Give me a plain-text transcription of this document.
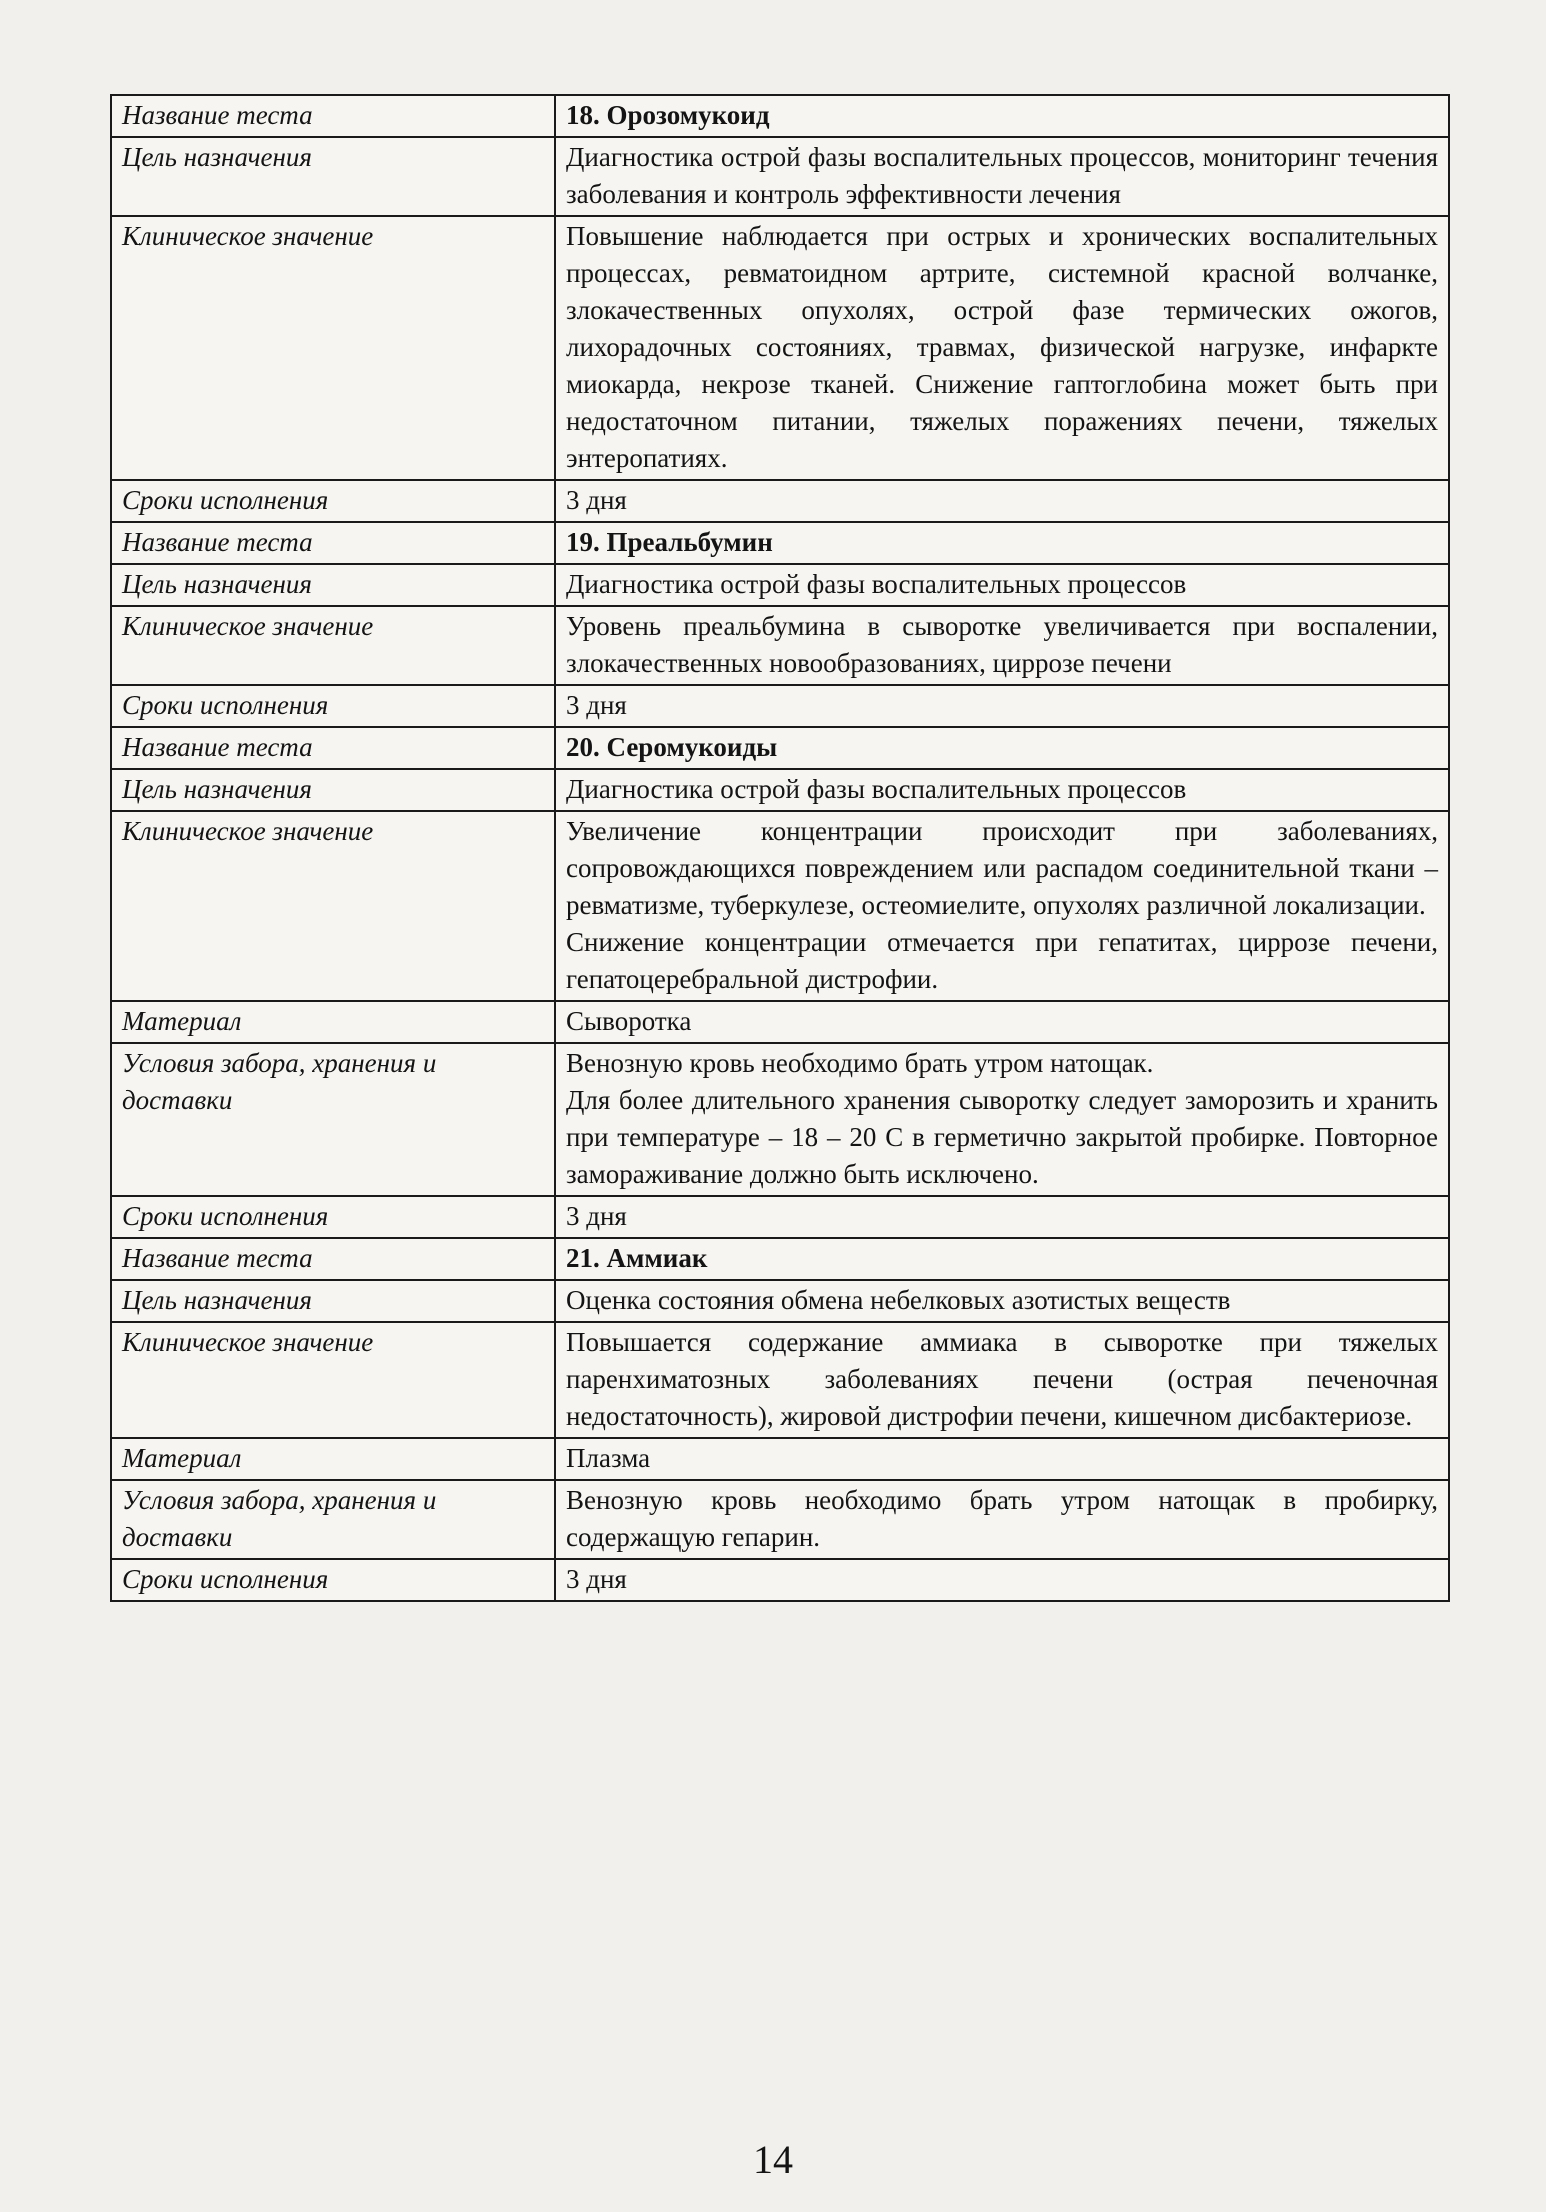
Название теста	18. Орозомукоид
Цель назначения	Диагностика острой фазы воспалительных процессов, мониторинг течения заболевания и контроль эффективности лечения

Клиническое значение	Повышение наблюдается при острых и хронических воспалительных процессах, ревматоидном артрите, системной красной волчанке, злокачественных опухолях, острой фазе термических ожогов, лихорадочных состояниях, травмах, физической нагрузке, инфаркте миокарда, некрозе тканей. Снижение гаптоглобина может быть при недостаточном питании, тяжелых поражениях печени, тяжелых энтеропатиях.

Сроки исполнения	3 дня

Название теста	19. Преальбумин
Цель назначения	Диагностика острой фазы воспалительных процессов

Клиническое значение	Уровень преальбумина в сыворотке увеличивается при воспалении, злокачественных новообразованиях, циррозе печени

Сроки исполнения	3 дня

Название теста	20. Серомукоиды
Цель назначения	Диагностика острой фазы воспалительных процессов

Клиническое значение	Увеличение концентрации происходит при заболеваниях, сопровождающихся повреждением или распадом соединительной ткани – ревматизме, туберкулезе, остеомиелите, опухолях различной локализации.

Снижение концентрации отмечается при гепатитах, циррозе печени, гепатоцеребральной дистрофии.

Материал	Сыворотка

Условия забора, хранения и доставки	Венозную кровь необходимо брать утром натощак.

Для более длительного хранения сыворотку следует заморозить и хранить при температуре – 18 – 20 С в герметично закрытой пробирке. Повторное замораживание должно быть исключено.

Сроки исполнения	3 дня

Название теста	21. Аммиак
Цель назначения	Оценка состояния обмена небелковых азотистых веществ

Клиническое значение	Повышается содержание аммиака в сыворотке при тяжелых паренхиматозных заболеваниях печени (острая печеночная недостаточность), жировой дистрофии печени, кишечном дисбактериозе.

Материал	Плазма

Условия забора, хранения и доставки	Венозную кровь необходимо брать утром натощак в пробирку, содержащую гепарин.

Сроки исполнения	3 дня

14
